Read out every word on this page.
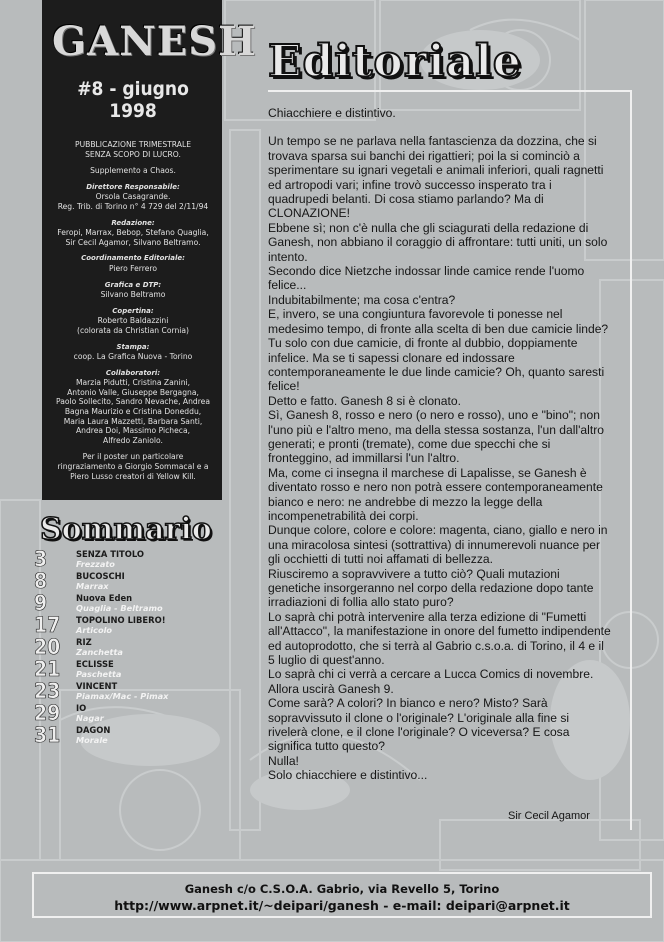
GANESH
#8 - giugno 1998
PUBBLICAZIONE TRIMESTRALE
SENZA SCOPO DI LUCRO.
Supplemento a Chaos.
Direttore Responsabile:
Orsola Casagrande.
Reg. Trib. di Torino n° 4 729 del 2/11/94
Redazione:
Feropi, Marrax, Bebop, Stefano Quaglia,
Sir Cecil Agamor, Silvano Beltramo.
Coordinamento Editoriale:
Piero Ferrero
Grafica e DTP:
Silvano Beltramo
Copertina:
Roberto Baldazzini
(colorata da Christian Cornia)
Stampa:
coop. La Grafica Nuova - Torino
Collaboratori:
Marzia Pidutti, Cristina Zanini,
Antonio Valle, Giuseppe Bergagna,
Paolo Sollecito, Sandro Nevache, Andrea
Bagna Maurizio e Cristina Doneddu,
Maria Laura Mazzetti, Barbara Santi,
Andrea Doi, Massimo Picheca,
Alfredo Zaniolo.
Per il poster un particolare
ringraziamento a Giorgio Sommacal e a
Piero Lusso creatori di Yellow Kill.
Editoriale

Chiacchiere e distintivo.

Un tempo se ne parlava nella fantascienza da dozzina, che si trovava sparsa sui banchi dei rigattieri; poi la si cominciò a sperimentare su ignari vegetali e animali inferiori, quali ragnetti ed artropodi vari; infine trovò successo insperato tra i quadrupedi belanti. Di cosa stiamo parlando? Ma di CLONAZIONE!

Ebbene sì; non c'è nulla che gli sciagurati della redazione di Ganesh, non abbiano il coraggio di affrontare: tutti uniti, un solo intento.

Secondo dice Nietzche indossar linde camice rende l'uomo felice...

Indubitabilmente; ma cosa c'entra?

E, invero, se una congiuntura favorevole ti ponesse nel medesimo tempo, di fronte alla scelta di ben due camicie linde? Tu solo con due camicie, di fronte al dubbio, doppiamente infelice. Ma se ti sapessi clonare ed indossare contemporaneamente le due linde camicie? Oh, quanto saresti felice!

Detto e fatto. Ganesh 8 si è clonato.

Sì, Ganesh 8, rosso e nero (o nero e rosso), uno e "bino"; non l'uno più e l'altro meno, ma della stessa sostanza, l'un dall'altro generati; e pronti (tremate), come due specchi che si fronteggino, ad immillarsi l'un l'altro.

Ma, come ci insegna il marchese di Lapalisse, se Ganesh è diventato rosso e nero non potrà essere contemporaneamente bianco e nero: ne andrebbe di mezzo la legge della incompenetrabilità dei corpi.

Dunque colore, colore e colore: magenta, ciano, giallo e nero in una miracolosa sintesi (sottrattiva) di innumerevoli nuance per gli occhietti di tutti noi affamati di bellezza.

Riusciremo a sopravvivere a tutto ciò? Quali mutazioni genetiche insorgeranno nel corpo della redazione dopo tante irradiazioni di follia allo stato puro?

Lo saprà chi potrà intervenire alla terza edizione di "Fumetti all'Attacco", la manifestazione in onore del fumetto indipendente ed autoprodotto, che si terrà al Gabrio c.s.o.a. di Torino, il 4 e il 5 luglio di quest'anno.

Lo saprà chi ci verrà a cercare a Lucca Comics di novembre. Allora uscirà Ganesh 9.

Come sarà? A colori? In bianco e nero? Misto? Sarà sopravvissuto il clone o l'originale? L'originale alla fine si rivelerà clone, e il clone l'originale? O viceversa? E cosa significa tutto questo?

Nulla!

Solo chiacchiere e distintivo...

Sir Cecil Agamor
Sommario
3	SENZA TITOLO
Frezzato
8	BUCOSCHI
Marrax
9	Nuova Eden
Quaglia - Beltramo
17 TOPOLINO LIBERO!
Articolo
20 RIZ
Zanchetta
21 ECLISSE
Paschetta
23 VINCENT
Piamax/Mac - Pimax
29 IO
Nagar
31 DAGON
Morale
Ganesh c/o C.S.O.A. Gabrio, via Revello 5, Torino
http://www.arpnet.it/~deipari/ganesh - e-mail: deipari@arpnet.it
